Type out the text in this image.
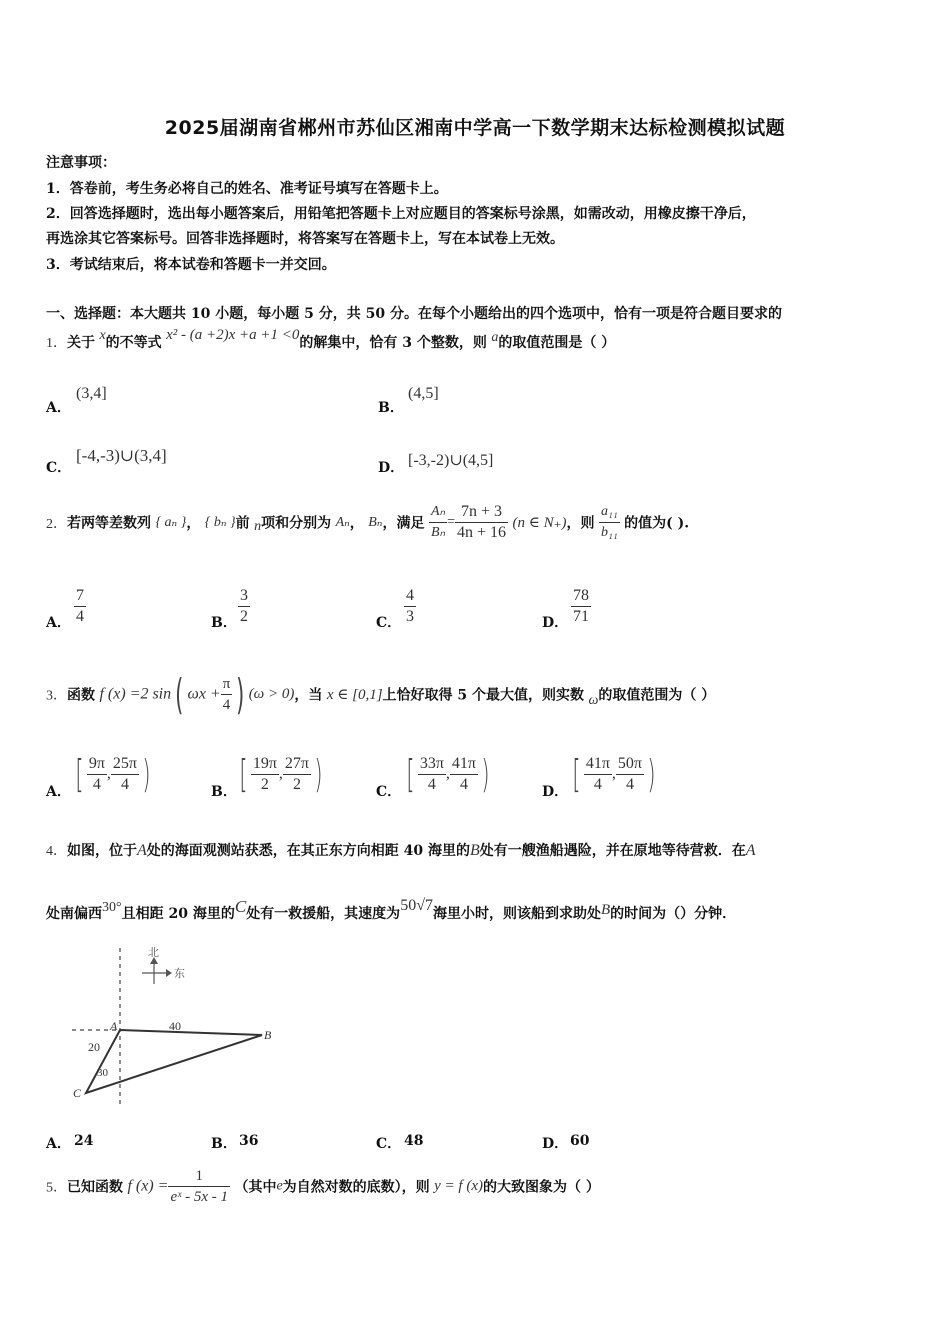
2025届湖南省郴州市苏仙区湘南中学高一下数学期末达标检测模拟试题
注意事项：
1．答卷前，考生务必将自己的姓名、准考证号填写在答题卡上。
2．回答选择题时，选出每小题答案后，用铅笔把答题卡上对应题目的答案标号涂黑，如需改动，用橡皮擦干净后，
再选涂其它答案标号。回答非选择题时，将答案写在答题卡上，写在本试卷上无效。
3．考试结束后，将本试卷和答题卡一并交回。
一、选择题：本大题共 10 小题，每小题 5 分，共 50 分。在每个小题给出的四个选项中，恰有一项是符合题目要求的
1．关于 x的不等式 x² - (a +2)x +a +1 <0的解集中，恰有 3 个整数，则 a的取值范围是（ ）
A．
(3,4]
B．
(4,5]
C．
[-4,-3)∪(3,4]
D． [-3,-2)∪(4,5]
2．若两等差数列 { aₙ }， { bₙ }前 n项和分别为 Aₙ， Bₙ，满足 $\frac{\text{Aₙ}}{\text{Bₙ}} = \frac{7n + 3}{4n + 16} (n$ ∈ N₊)，则 $\frac{\text{a₁₁}}{\text{b₁₁}}$ 的值为( ).
A． $\frac{7}{4}$	B． $\frac{3}{2}$	C． $\frac{4}{3}$	D． $\frac{78}{71}$
3．函数 f (x) =2 sin( $\omega x + \frac{\pi}{4}$ ) (ω > 0)，当 x ∈ [0,1]上恰好取得 5 个最大值，则实数 ω的取值范围为（ ）
A． [ $\frac{9\pi}{4}$ , $\frac{25\pi}{4}$ )	B． [ $\frac{19\pi}{2}$ , $\frac{27\pi}{2}$ )	C． [ $\frac{33\pi}{4}$ , $\frac{41\pi}{4}$ )	D． [ $\frac{41\pi}{4}$ , $\frac{50\pi}{4}$ )
4．如图，位于A处的海面观测站获悉，在其正东方向相距 40 海里的B处有一艘渔船遇险，并在原地等待营救．在A
处南偏西30°且相距 20 海里的C处有一救援船，其速度为50√7海里小时，则该船到求助处B的时间为（）分钟．
北
东
A
B
C
40
20
30
A． 24	B． 36	C． 48	D． 60
5．已知函数 f $(x) = \frac{1}{\text{eˣ - 5x - 1}}$ （其中e为自然对数的底数），则 y = f (x)的大致图象为（ ）
